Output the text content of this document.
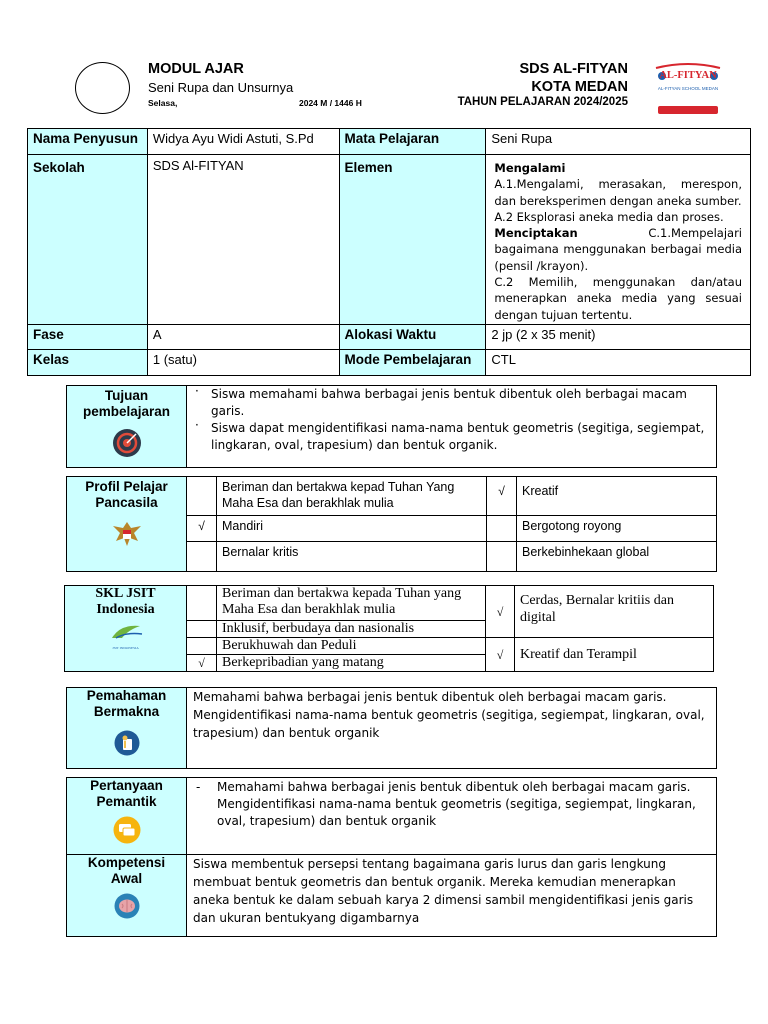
MODUL AJAR
Seni Rupa dan Unsurnya
Selasa,	2024 M / 1446 H
SDS AL-FITYAN
KOTA MEDAN
TAHUN PELAJARAN 2024/2025
AL-FITYAN
AL-FITYAN SCHOOL MEDAN
Nama Penyusun	Widya Ayu Widi Astuti, S.Pd	Mata Pelajaran	Seni Rupa
Sekolah	SDS Al-FITYAN	Elemen	Mengalami
A.1.Mengalami, merasakan, merespon, dan bereksperimen dengan aneka sumber.
A.2 Eksplorasi aneka media dan proses.
Menciptakan C.1.Mempelajari bagaimana menggunakan berbagai media (pensil /krayon).
C.2 Memilih, menggunakan dan/atau menerapkan aneka media yang sesuai dengan tujuan tertentu.

Fase	A	Alokasi Waktu	2 jp (2 x 35 menit)
Kelas	1 (satu)	Mode Pembelajaran	CTL
Tujuan pembelajaran

· Siswa memahami bahwa berbagai jenis bentuk dibentuk oleh berbagai macam garis.
· Siswa dapat mengidentifikasi nama-nama bentuk geometris (segitiga, segiempat, lingkaran, oval, trapesium) dan bentuk organik.
Profil Pelajar Pancasila		Beriman dan bertakwa kepad Tuhan Yang Maha Esa dan berakhlak mulia	√	Kreatif
	√	Mandiri		Bergotong royong
		Bernalar kritis		Berkebinhekaan global
SKL JSIT Indonesia
JSIT INDONESIA		Beriman dan bertakwa kepada Tuhan yang Maha Esa dan berakhlak mulia	√	Cerdas, Bernalar kritiis dan digital
		Inklusif, berbudaya dan nasionalis		
		Berukhuwah dan Peduli	√	Kreatif dan Terampil
	√	Berkepribadian yang matang		
Pemahaman Bermakna
	Memahami bahwa berbagai jenis bentuk dibentuk oleh berbagai macam garis. Mengidentifikasi nama-nama bentuk geometris (segitiga, segiempat, lingkaran, oval, trapesium) dan bentuk organik
Pertanyaan Pemantik	- Memahami bahwa berbagai jenis bentuk dibentuk oleh berbagai macam garis. Mengidentifikasi nama-nama bentuk geometris (segitiga, segiempat, lingkaran, oval, trapesium) dan bentuk organik

Kompetensi Awal	Siswa membentuk persepsi tentang bagaimana garis lurus dan garis lengkung membuat bentuk geometris dan bentuk organik. Mereka kemudian menerapkan aneka bentuk ke dalam sebuah karya 2 dimensi sambil mengidentifikasi jenis garis dan ukuran bentukyang digambarnya
